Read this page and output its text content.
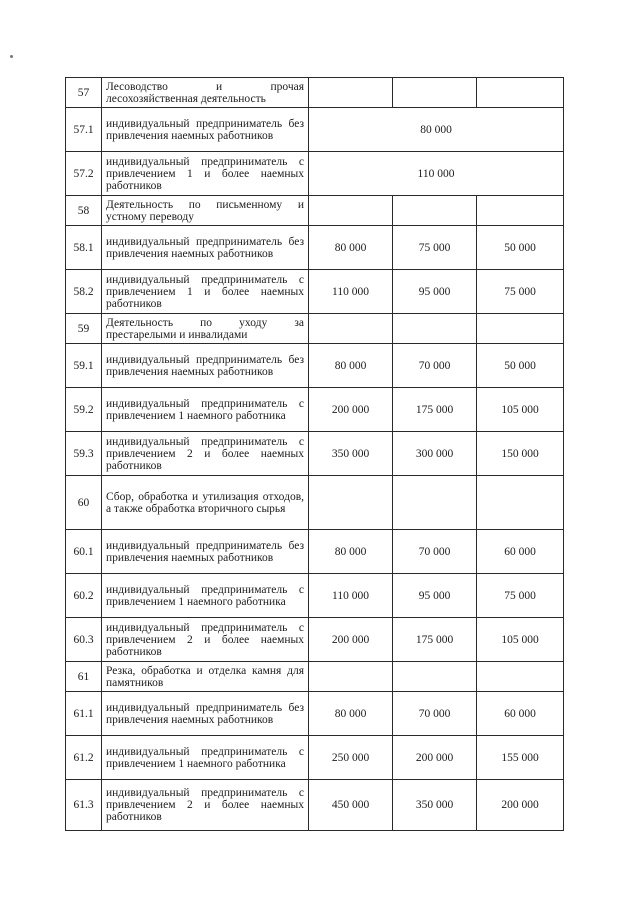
57	Лесоводство и прочая лесохозяйственная деятельность			
57.1	индивидуальный предприниматель без привлечения наемных работников	80 000		
57.2	индивидуальный предприниматель с привлечением 1 и более наемных работников	110 000		
58	Деятельность по письменному и устному переводу			
58.1	индивидуальный предприниматель без привлечения наемных работников	80 000	75 000	50 000
58.2	индивидуальный предприниматель с привлечением 1 и более наемных работников	110 000	95 000	75 000
59	Деятельность по уходу за престарелыми и инвалидами			
59.1	индивидуальный предприниматель без привлечения наемных работников	80 000	70 000	50 000
59.2	индивидуальный предприниматель с привлечением 1 наемного работника	200 000	175 000	105 000
59.3	индивидуальный предприниматель с привлечением 2 и более наемных работников	350 000	300 000	150 000
60	Сбор, обработка и утилизация отходов, а также обработка вторичного сырья			
60.1	индивидуальный предприниматель без привлечения наемных работников	80 000	70 000	60 000
60.2	индивидуальный предприниматель с привлечением 1 наемного работника	110 000	95 000	75 000
60.3	индивидуальный предприниматель с привлечением 2 и более наемных работников	200 000	175 000	105 000
61	Резка, обработка и отделка камня для памятников			
61.1	индивидуальный предприниматель без привлечения наемных работников	80 000	70 000	60 000
61.2	индивидуальный предприниматель с привлечением 1 наемного работника	250 000	200 000	155 000
61.3	индивидуальный предприниматель с привлечением 2 и более наемных работников	450 000	350 000	200 000
